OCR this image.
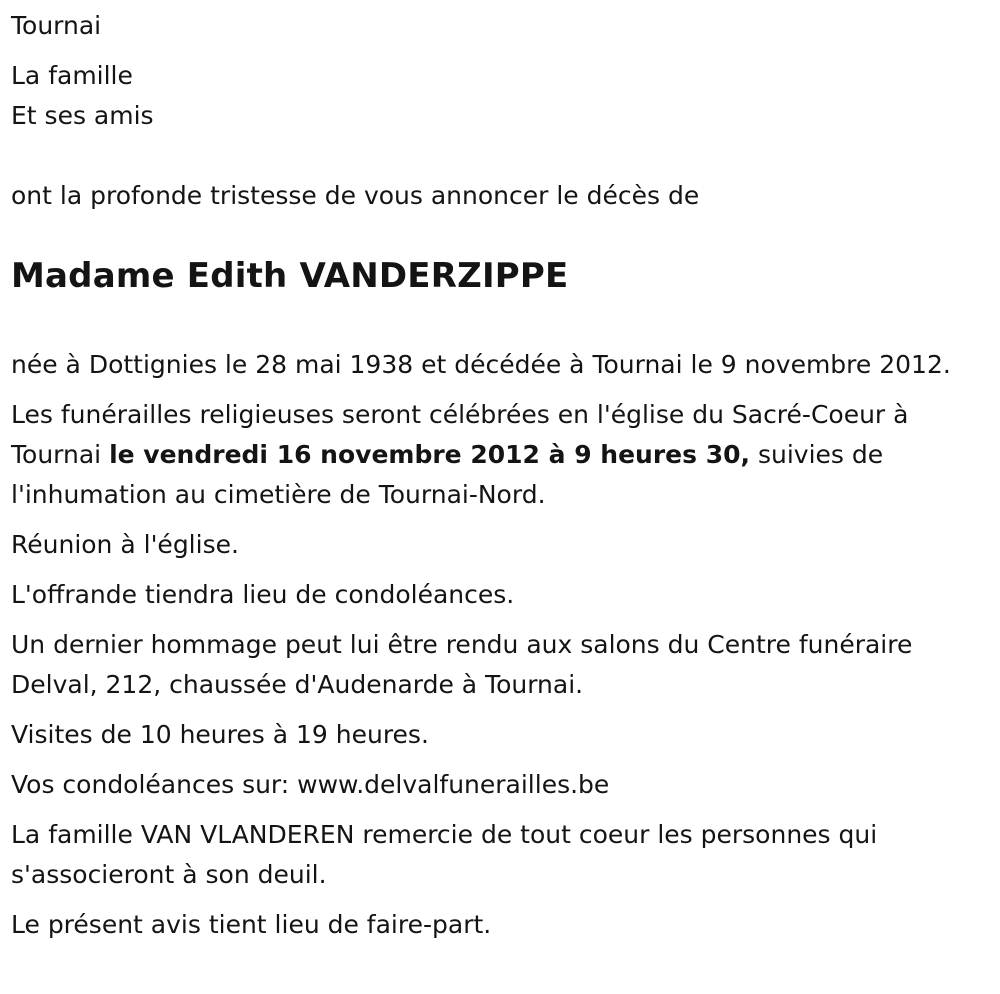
Tournai

La famille

Et ses amis

ont la profonde tristesse de vous annoncer le décès de

Madame Edith VANDERZIPPE

née à Dottignies le 28 mai 1938 et décédée à Tournai le 9 novembre 2012.

Les funérailles religieuses seront célébrées en l'église du Sacré-Coeur à Tournai le vendredi 16 novembre 2012 à 9 heures 30, suivies de l'inhumation au cimetière de Tournai-Nord.

Réunion à l'église.

L'offrande tiendra lieu de condoléances.

Un dernier hommage peut lui être rendu aux salons du Centre funéraire Delval, 212, chaussée d'Audenarde à Tournai.

Visites de 10 heures à 19 heures.

Vos condoléances sur: www.delvalfunerailles.be

La famille VAN VLANDEREN remercie de tout coeur les personnes qui s'associeront à son deuil.

Le présent avis tient lieu de faire-part.
